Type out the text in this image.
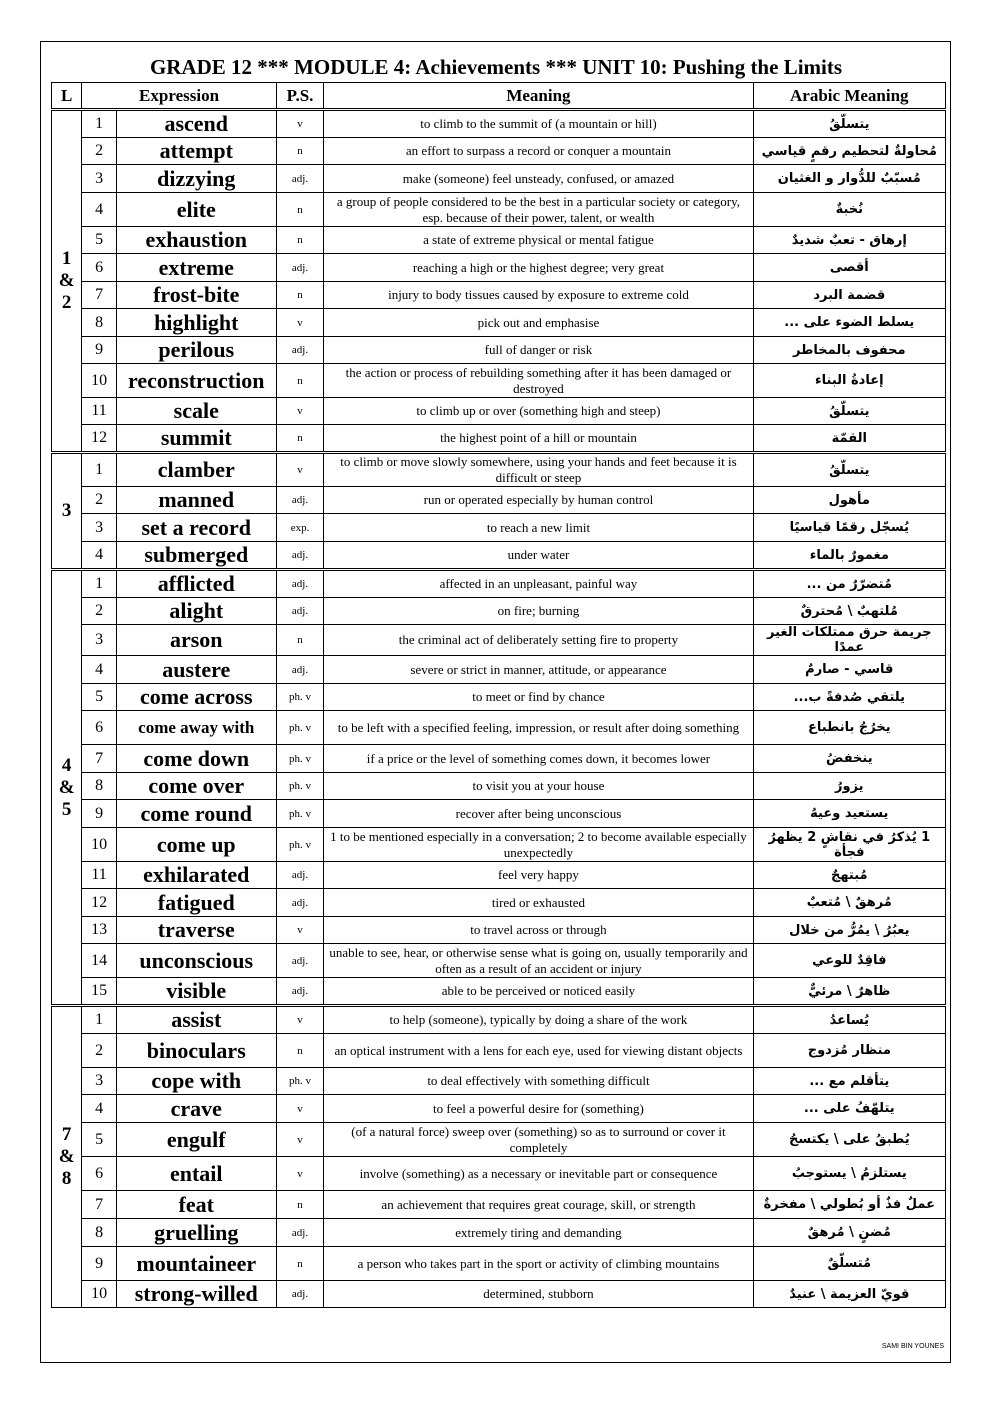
GRADE 12 *** MODULE 4: Achievements *** UNIT 10: Pushing the Limits
L	Expression		P.S.	Meaning	Arabic Meaning
1
&
2	1	ascend	v	to climb to the summit of (a mountain or hill)	يتسلّقُ
	2	attempt	n	an effort to surpass a record or conquer a mountain	مُحاولةٌ لتحطيم رقمٍ قياسي
	3	dizzying	adj.	make (someone) feel unsteady, confused, or amazed	مُسبّبٌ للدُّوار و الغثيان
	4	elite	n	a group of people considered to be the best in a particular society or category, esp. because of their power, talent, or wealth	نُخبةٌ
	5	exhaustion	n	a state of extreme physical or mental fatigue	إرهاق - تعبٌ شديدٌ
	6	extreme	adj.	reaching a high or the highest degree; very great	أقصى
	7	frost-bite	n	injury to body tissues caused by exposure to extreme cold	قضمة البرد
	8	highlight	v	pick out and emphasise	يسلط الضوء على ...
	9	perilous	adj.	full of danger or risk	محفوف بالمخاطر
	10	reconstruction	n	the action or process of rebuilding something after it has been damaged or destroyed	إعادةُ البناء
	11	scale	v	to climb up or over (something high and steep)	يتسلّقُ
	12	summit	n	the highest point of a hill or mountain	القمّة
3	1	clamber	v	to climb or move slowly somewhere, using your hands and feet because it is difficult or steep	يتسلّقُ
	2	manned	adj.	run or operated especially by human control	مأهول
	3	set a record	exp.	to reach a new limit	يُسجّل رقمًا قياسيًا
	4	submerged	adj.	under water	مغمورٌ بالماء
4
&
5	1	afflicted	adj.	affected in an unpleasant, painful way	مُتضرّرٌ من ...
	2	alight	adj.	on fire; burning	مُلتهبٌ \ مُحترقٌ
	3	arson	n	the criminal act of deliberately setting fire to property	جريمة حرق ممتلكات الغير عمدًا
	4	austere	adj.	severe or strict in manner, attitude, or appearance	قاسي - صارمٌ
	5	come across	ph. v	to meet or find by chance	يلتقي صُدفةً ب...
	6	come away with	ph. v	to be left with a specified feeling, impression, or result after doing something	يخرُجُ بانطباع
	7	come down	ph. v	if a price or the level of something comes down, it becomes lower	ينخفضُ
	8	come over	ph. v	to visit you at your house	يزورُ
	9	come round	ph. v	recover after being unconscious	يستعيد وعيهُ
	10	come up	ph. v	1 to be mentioned especially in a conversation; 2 to become available especially unexpectedly	1 يُذكرُ في نقاشٍ 2 يظهرُ فجأة
	11	exhilarated	adj.	feel very happy	مُبتهجٌ
	12	fatigued	adj.	tired or exhausted	مُرهقٌ \ مُتعبٌ
	13	traverse	v	to travel across or through	يعبُرُ \ يمُرُّ من خلال
	14	unconscious	adj.	unable to see, hear, or otherwise sense what is going on, usually temporarily and often as a result of an accident or injury	فاقِدٌ للوعي
	15	visible	adj.	able to be perceived or noticed easily	ظاهرٌ \ مرئيٌّ
7
&
8	1	assist	v	to help (someone), typically by doing a share of the work	يُساعدُ
	2	binoculars	n	an optical instrument with a lens for each eye, used for viewing distant objects	منظار مُزدوج
	3	cope with	ph. v	to deal effectively with something difficult	يتأقلم مع ...
	4	crave	v	to feel a powerful desire for (something)	يتلهّفُ على ...
	5	engulf	v	(of a natural force) sweep over (something) so as to surround or cover it completely	يُطبقُ على \ يكتسحُ
	6	entail	v	involve (something) as a necessary or inevitable part or consequence	يستلزمُ \ يستوجبُ
	7	feat	n	an achievement that requires great courage, skill, or strength	عملٌ فذٌ أو بُطولي \ مفخرةٌ
	8	gruelling	adj.	extremely tiring and demanding	مُضنٍ \ مُرهقٌ
	9	mountaineer	n	a person who takes part in the sport or activity of climbing mountains	مُتسلّقٌ
	10	strong-willed	adj.	determined, stubborn	قويّ العزيمة \ عنيدٌ
SAMI BIN YOUNES
